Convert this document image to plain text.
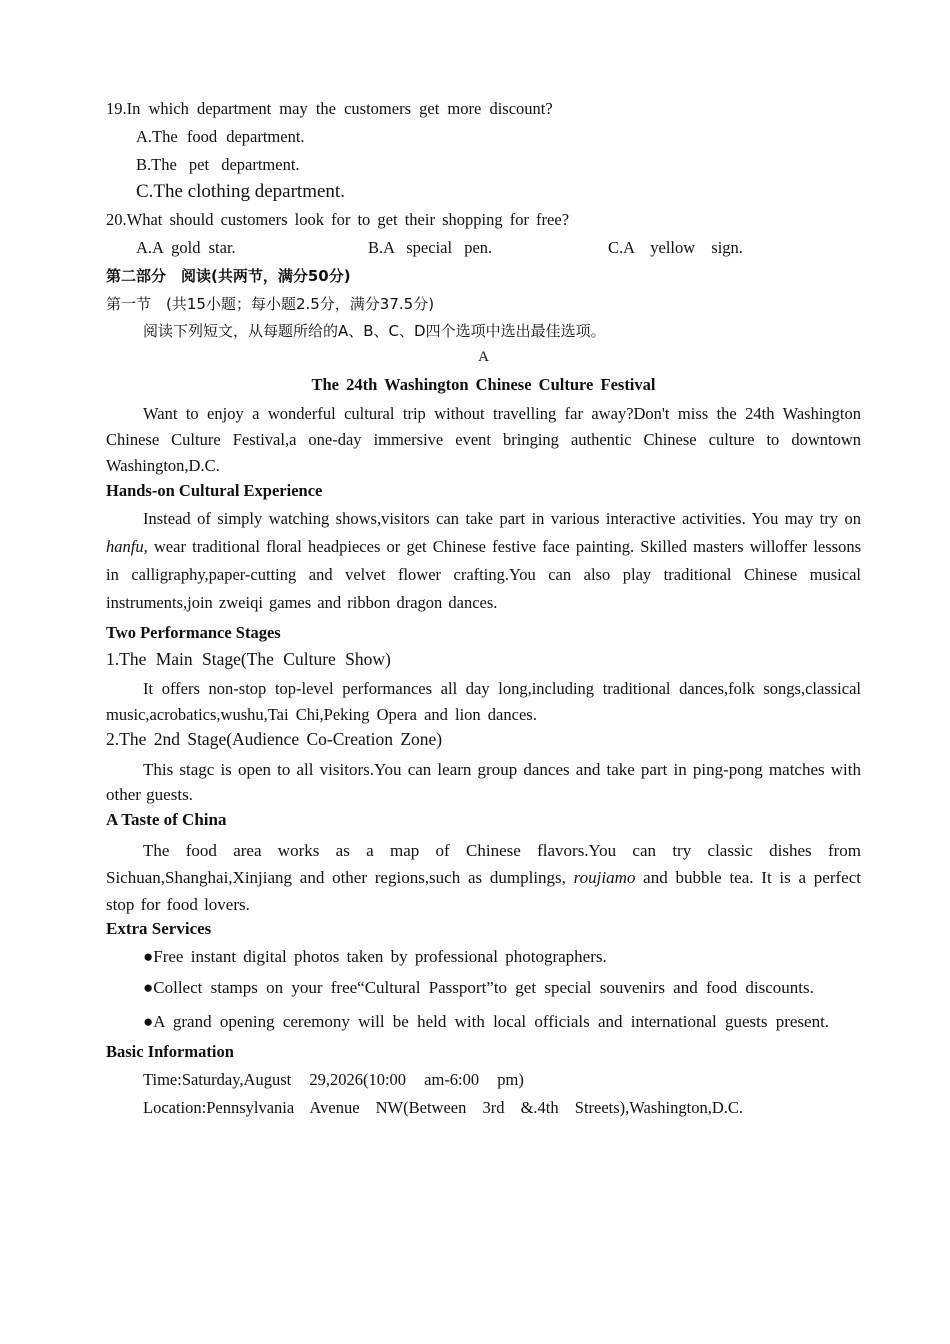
19.In which department may the customers get more discount?
A.The food department.
B.The pet department.
C.The clothing department.
20.What should customers look for to get their shopping for free?
A.A gold star.	B.A special pen.	C.A yellow sign.
第二部分　阅读(共两节，满分50分)
第一节　(共15小题；每小题2.5分，满分37.5分)
阅读下列短文，从每题所给的A、B、C、D四个选项中选出最佳选项。
A
The 24th Washington Chinese Culture Festival

Want to enjoy a wonderful cultural trip without travelling far away?Don't miss the 24th Washington Chinese Culture Festival,a one-day immersive event bringing authentic Chinese culture to downtown Washington,D.C.

Hands-on Cultural Experience

Instead of simply watching shows,visitors can take part in various interactive activities. You may try on hanfu, wear traditional floral headpieces or get Chinese festive face painting. Skilled masters willoffer lessons in calligraphy,paper-cutting and velvet flower crafting.You can also play traditional Chinese musical instruments,join zweiqi games and ribbon dragon dances.

Two Performance Stages
1.The Main Stage(The Culture Show)

It offers non-stop top-level performances all day long,including traditional dances,folk songs,classical music,acrobatics,wushu,Tai Chi,Peking Opera and lion dances.

2.The 2nd Stage(Audience Co-Creation Zone)

This stagc is open to all visitors.You can learn group dances and take part in ping-pong matches with other guests.

A Taste of China

The food area works as a map of Chinese flavors.You can try classic dishes from Sichuan,Shanghai,Xinjiang and other regions,such as dumplings, roujiamo and bubble tea. It is a perfect stop for food lovers.

Extra Services
●Free instant digital photos taken by professional photographers.

●Collect stamps on your free“Cultural Passport”to get special souvenirs and food discounts.

●A grand opening ceremony will be held with local officials and international guests present.

Basic Information
Time:Saturday,August 29,2026(10:00 am-6:00 pm)
Location:Pennsylvania Avenue NW(Between 3rd &.4th Streets),Washington,D.C.
